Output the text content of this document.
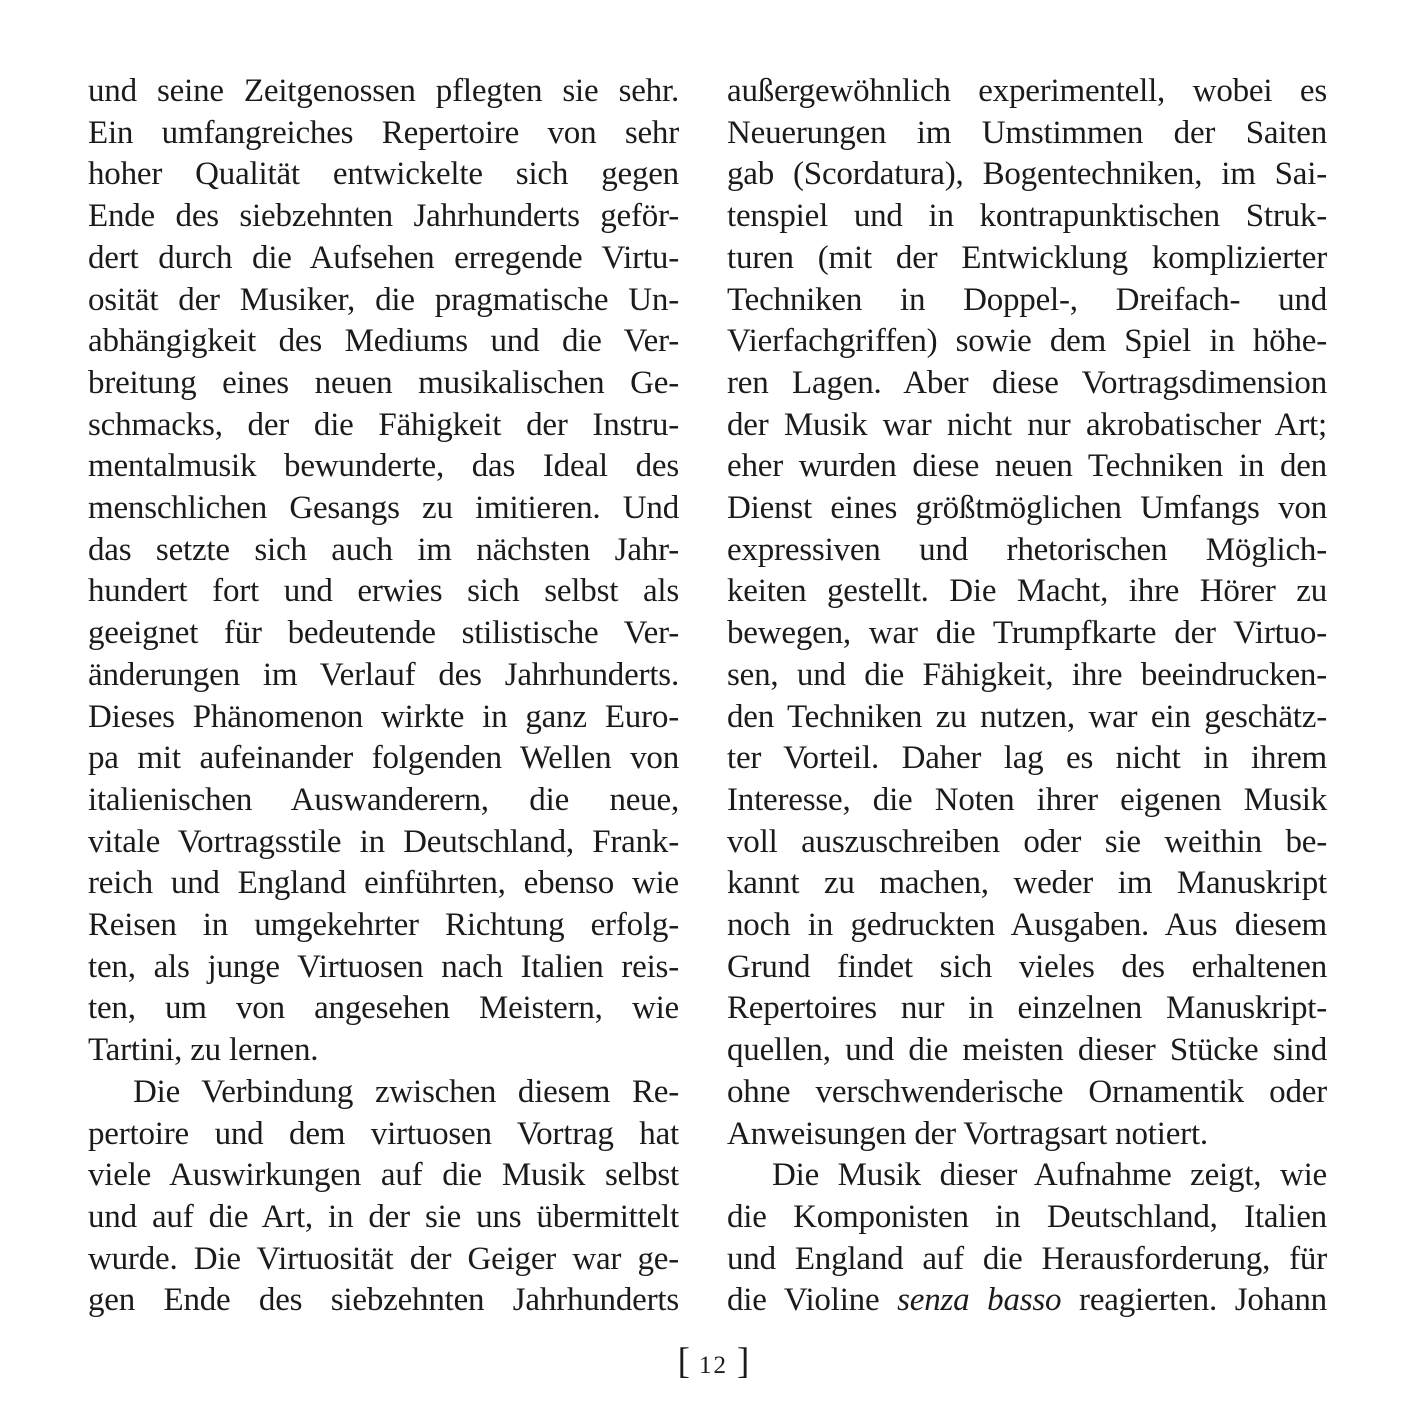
und seine Zeitgenossen pflegten sie sehr.
Ein umfangreiches Repertoire von sehr
hoher Qualität entwickelte sich gegen
Ende des siebzehnten Jahrhunderts geför-
dert durch die Aufsehen erregende Virtu-
osität der Musiker, die pragmatische Un-
abhängigkeit des Mediums und die Ver-
breitung eines neuen musikalischen Ge-
schmacks, der die Fähigkeit der Instru-
mentalmusik bewunderte, das Ideal des
menschlichen Gesangs zu imitieren. Und
das setzte sich auch im nächsten Jahr-
hundert fort und erwies sich selbst als
geeignet für bedeutende stilistische Ver-
änderungen im Verlauf des Jahrhunderts.
Dieses Phänomenon wirkte in ganz Euro-
pa mit aufeinander folgenden Wellen von
italienischen Auswanderern, die neue,
vitale Vortragsstile in Deutschland, Frank-
reich und England einführten, ebenso wie
Reisen in umgekehrter Richtung erfolg-
ten, als junge Virtuosen nach Italien reis-
ten, um von angesehen Meistern, wie
Tartini, zu lernen.
Die Verbindung zwischen diesem Re-
pertoire und dem virtuosen Vortrag hat
viele Auswirkungen auf die Musik selbst
und auf die Art, in der sie uns übermittelt
wurde. Die Virtuosität der Geiger war ge-
gen Ende des siebzehnten Jahrhunderts
außergewöhnlich experimentell, wobei es
Neuerungen im Umstimmen der Saiten
gab (Scordatura), Bogentechniken, im Sai-
tenspiel und in kontrapunktischen Struk-
turen (mit der Entwicklung komplizierter
Techniken in Doppel-, Dreifach- und
Vierfachgriffen) sowie dem Spiel in höhe-
ren Lagen. Aber diese Vortragsdimension
der Musik war nicht nur akrobatischer Art;
eher wurden diese neuen Techniken in den
Dienst eines größtmöglichen Umfangs von
expressiven und rhetorischen Möglich-
keiten gestellt. Die Macht, ihre Hörer zu
bewegen, war die Trumpfkarte der Virtuo-
sen, und die Fähigkeit, ihre beeindrucken-
den Techniken zu nutzen, war ein geschätz-
ter Vorteil. Daher lag es nicht in ihrem
Interesse, die Noten ihrer eigenen Musik
voll auszuschreiben oder sie weithin be-
kannt zu machen, weder im Manuskript
noch in gedruckten Ausgaben. Aus diesem
Grund findet sich vieles des erhaltenen
Repertoires nur in einzelnen Manuskript-
quellen, und die meisten dieser Stücke sind
ohne verschwenderische Ornamentik oder
Anweisungen der Vortragsart notiert.
Die Musik dieser Aufnahme zeigt, wie
die Komponisten in Deutschland, Italien
und England auf die Herausforderung, für
die Violine senza basso reagierten. Johann
[ 12 ]
